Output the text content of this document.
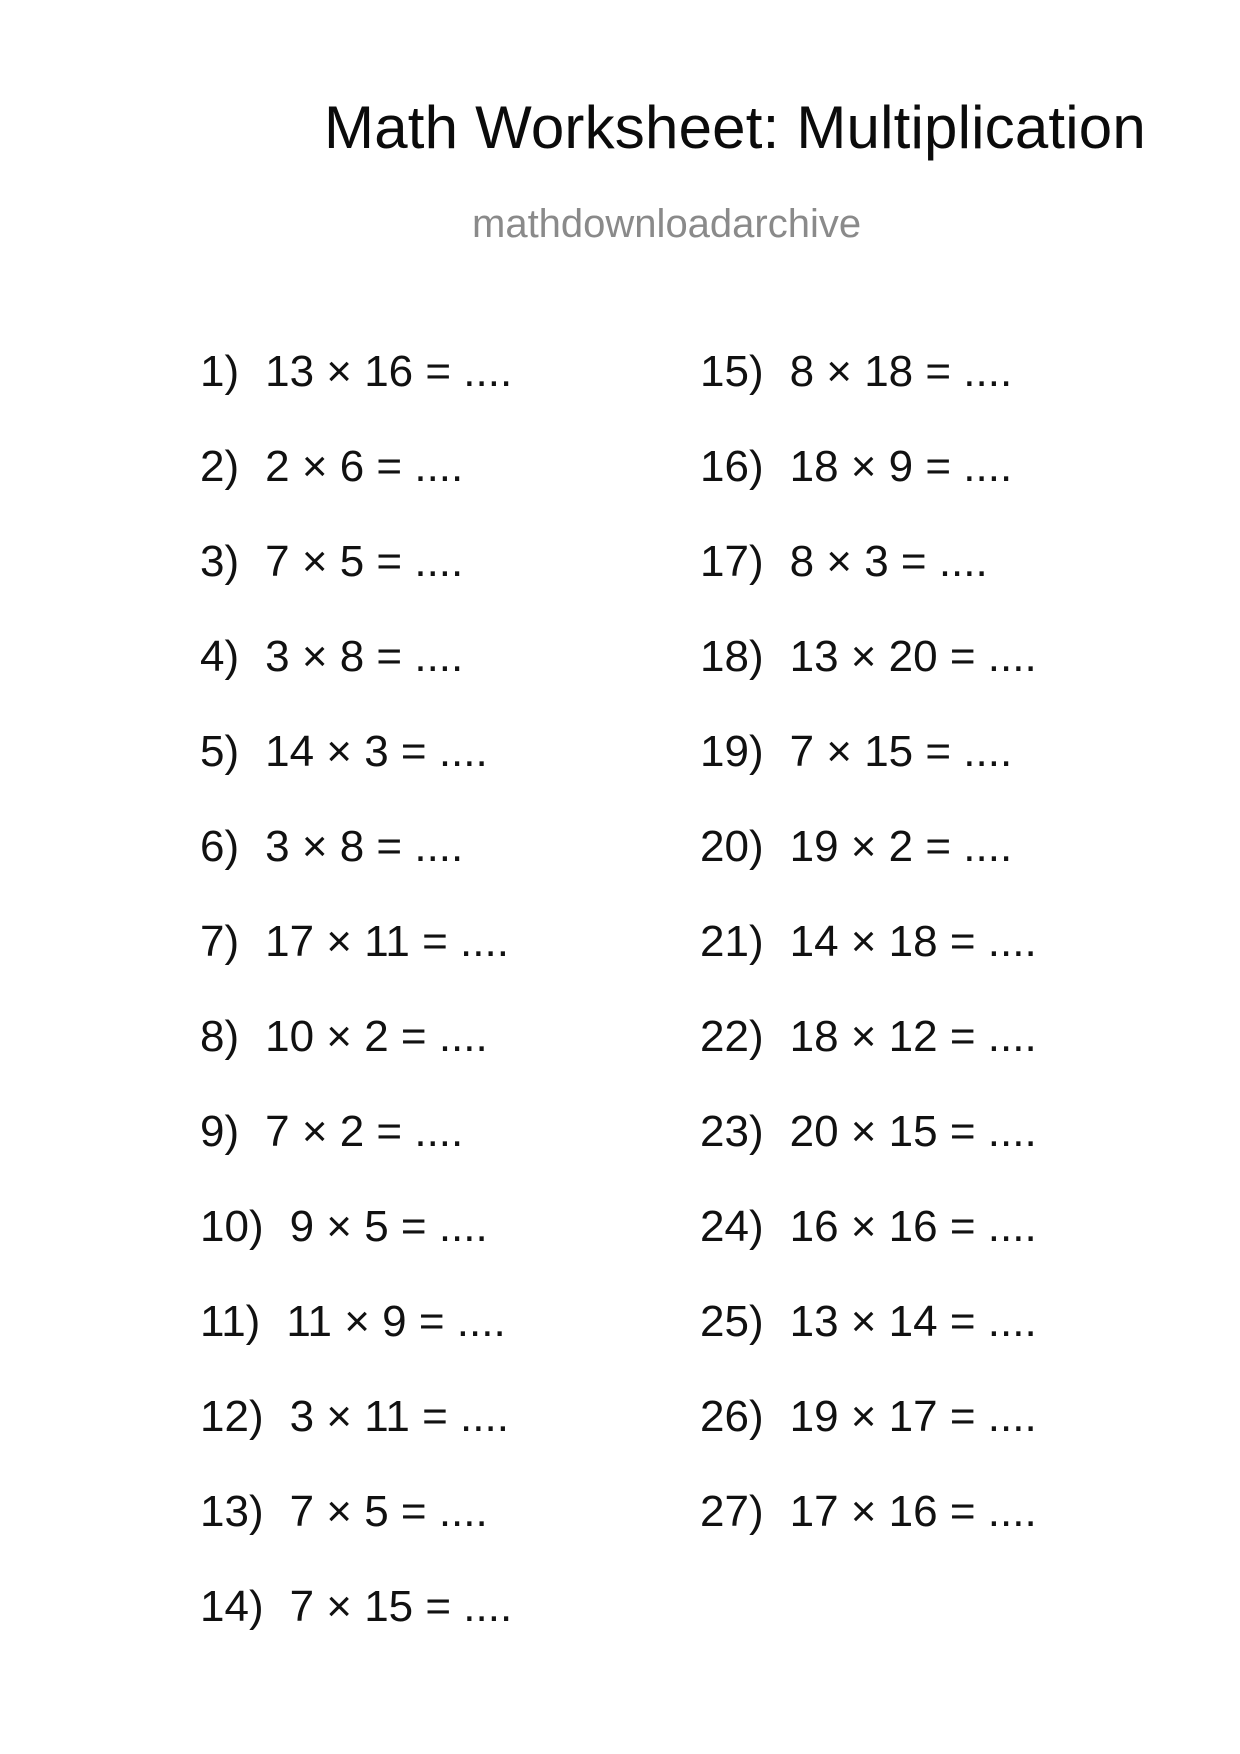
Math Worksheet: Multiplication
mathdownloadarchive
1) 13 × 16 = ....
2) 2 × 6 = ....
3) 7 × 5 = ....
4) 3 × 8 = ....
5) 14 × 3 = ....
6) 3 × 8 = ....
7) 17 × 11 = ....
8) 10 × 2 = ....
9) 7 × 2 = ....
10) 9 × 5 = ....
11) 11 × 9 = ....
12) 3 × 11 = ....
13) 7 × 5 = ....
14) 7 × 15 = ....
15) 8 × 18 = ....
16) 18 × 9 = ....
17) 8 × 3 = ....
18) 13 × 20 = ....
19) 7 × 15 = ....
20) 19 × 2 = ....
21) 14 × 18 = ....
22) 18 × 12 = ....
23) 20 × 15 = ....
24) 16 × 16 = ....
25) 13 × 14 = ....
26) 19 × 17 = ....
27) 17 × 16 = ....
